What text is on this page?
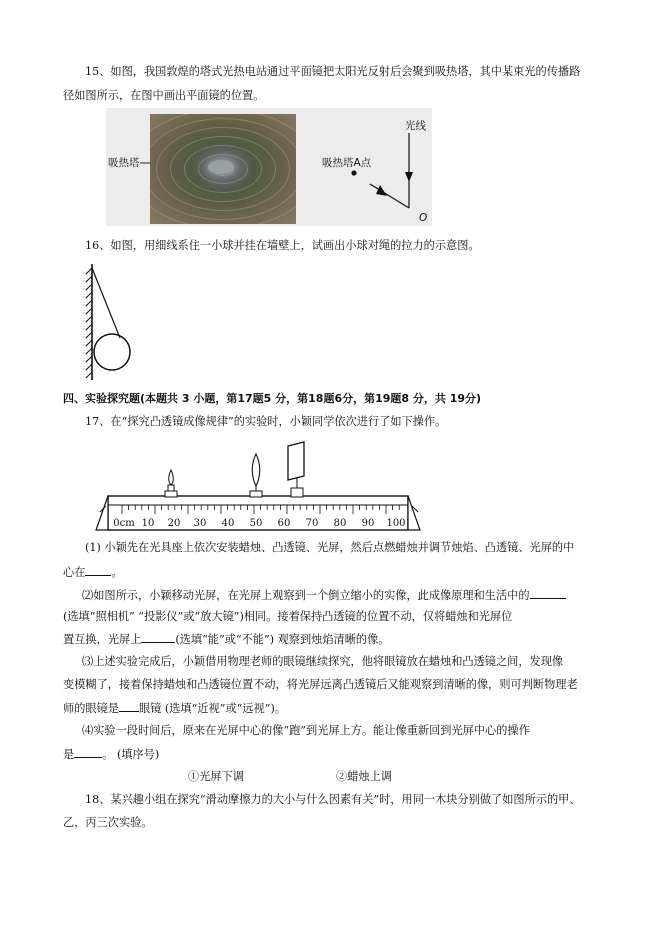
15、如图，我国敦煌的塔式光热电站通过平面镜把太阳光反射后会聚到吸热塔，其中某束光的传播路
径如图所示，在图中画出平面镜的位置。
吸热塔
光线
吸热塔A点
O
16、如图，用细线系住一小球并挂在墙壁上，试画出小球对绳的拉力的示意图。
四、实验探究题(本题共 3 小题，第17题5 分，第18题6分，第19题8 分，共 19分)
17、在“探究凸透镜成像规律”的实验时，小颖同学依次进行了如下操作。
0cm 10 20 30 40 50 60 70 80 90 100
(1) 小颖先在光具座上依次安装蜡烛、凸透镜、光屏，然后点燃蜡烛并调节烛焰、凸透镜、光屏的中
心在 。
⑵如图所示，小颖移动光屏，在光屏上观察到一个倒立缩小的实像，此成像原理和生活中的
(选填“照相机” “投影仪”或“放大镜”)相同。接着保持凸透镜的位置不动，仅将蜡烛和光屏位
置互换，光屏上	(选填“能”或“不能”) 观察到烛焰清晰的像。
⑶上述实验完成后，小颖借用物理老师的眼镜继续探究，他将眼镜放在蜡烛和凸透镜之间，发现像
变模糊了，接着保持蜡烛和凸透镜位置不动，将光屏远离凸透镜后又能观察到清晰的像，则可判断物理老
师的眼镜是 眼镜 (选填“近视”或“远视”)。
⑷实验一段时间后，原来在光屏中心的像“跑”到光屏上方。能让像重新回到光屏中心的操作
是	。 (填序号)
①光屏下调	②蜡烛上调
18、某兴趣小组在探究“滑动摩擦力的大小与什么因素有关”时，用同一木块分别做了如图所示的甲、
乙，丙三次实验。
